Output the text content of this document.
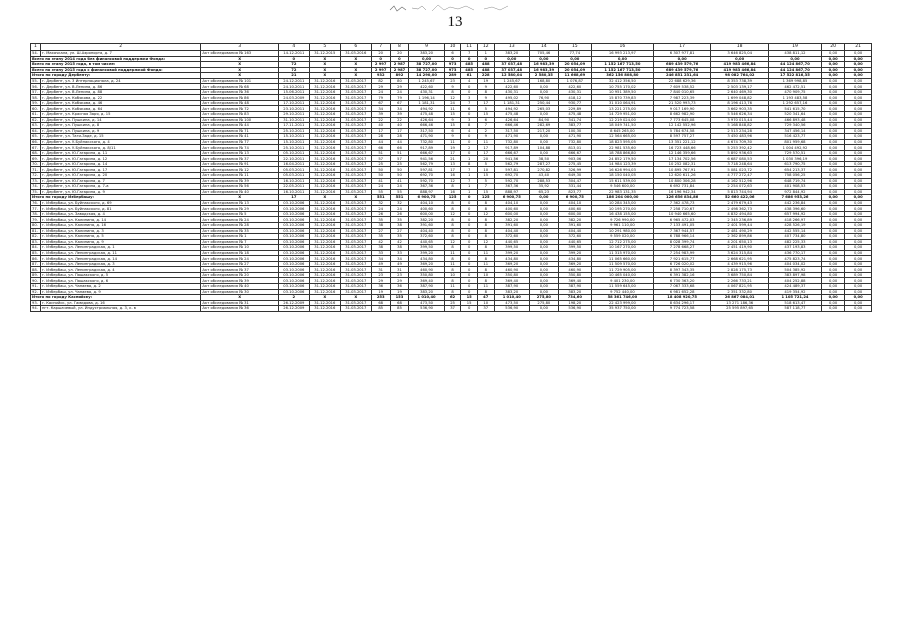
13
1	2	3	4	5	6	7	8	9	10	11	12	13	14	15	16	17	18	19	20	21
54.	г. Махачкала, ул. Ш.Аэропорта, д. 7	Акт обследования № 163	14.12.2011	31.12.2015	31.03.2016	20	20	383,20	6	7	1	383,20	705,46	77,74	16 993 213,97	6 307 977,81	3 646 825,04	438 811,12	0,00	0,00
Всего по этапу 2014 года без финансовой поддержки Фонда:		X	0	X	X	0	0	0,00	0	0	0	0,00	0,00	0,00	0,00	0,00	0,00	0,00	0,00	0,00
Всего по этапу 2015 года, в том числе:		X	72	X	X	2 997	2 987	38 727,00	973	485	488	37 037,48	16 983,39	20 054,09	1 152 167 713,50	689 439 579,76	419 983 466,84	44 124 867,70	0,00	0,00
Всего по этапу 2015 года с финансовой поддержкой Фонда:		X	72	X	X	2 997	2 987	38 727,00	973	485	488	37 037,48	16 983,39	20 054,09	1 152 167 713,50	689 439 579,76	419 983 466,84	44 124 867,70	0,00	0,00
Итого по городу Дербенту:		X	21	X	X	932	892	14 290,00	289	61	228	12 580,04	2 580,35	11 668,69	362 156 808,80	246 851 231,64	98 082 764,02	17 522 816,35	0,00	0,00
55.	г. Дербент, ул. 3 Интернационала, д. 24	Акт обследования № 101	24.12.2011	31.12.2016	31.03.2017	82	80	1 245,67	23	4	19	1 245,67	168,80	1 076,87	32 412 356,50	22 688 629,36	8 353 738,39	1 369 998,85	0,00	0,00
56.	г. Дербент, ул. В.Ленина, д. 86	Акт обследования № 68	24.10.2011	31.12.2016	31.03.2017	29	29	422,60	9	0	9	422,60	0,00	422,60	10 755 170,02	7 609 538,52	2 503 139,17	462 472,51	0,00	0,00
57.	г. Дербент, ул. В.Ленина, д. 88	Акт обследования № 36	15.06.2011	31.12.2016	31.03.2017	24	24	430,31	8	0	8	430,31	0,00	430,31	10 951 389,50	7 840 010,65	2 640 469,30	470 909,75	0,00	0,00
58.	г. Дербент, ул. Кобякова, д. 22	Акт обследования № 86	24.03.2009	31.12.2016	31.03.2017	79	79	1 196,14	12	3	9	495,02	76,90	418,12	15 870 739,83	7 987 223,39	1 699 048,82	1 193 483,58	0,00	0,00
59.	г. Дербент, ул. Кобякова, д. 46	Акт обследования № 48	17.10.2011	31.12.2016	31.03.2017	67	67	1 181,31	24	7	17	1 181,31	250,44	930,77	31 010 064,91	21 520 993,73	8 196 413,76	1 292 657,16	0,00	0,00
60.	г. Дербент, ул. Кобякова, д. 64	Акт обследования № 72	23.10.2011	31.12.2016	31.03.2017	34	34	494,92	11	6	5	494,92	265,03	229,89	13 221 275,00	9 017 169,90	3 662 903,35	541 615,70	0,00	0,00
61.	г. Дербент, ул. Красная Заря, д. 15	Акт обследования № 83	29.10.2011	31.12.2016	31.03.2017	39	39	475,48	15	0	15	475,48	0,00	475,48	14 729 951,00	8 662 982,90	5 546 626,34	520 341,64	0,00	0,00
62.	г. Дербент, ул. Пушкина, д. 14	Акт обследования № 100	31.10.2011	31.12.2016	31.03.2017	22	22	426,64	9	3	6	426,64	84,90	341,74	12 219 024,00	7 773 645,08	3 970 015,44	466 893,48	0,00	0,00
63.	г. Дербент, ул. Пушкина, д. 8	Акт обследования № 44	17.11.2011	31.12.2016	31.03.2017	40	40	666,46	15	8	7	666,46	282,69	383,77	18 049 741,50	12 142 552,96	5 168 848,82	729 340,56	0,00	0,00
64.	г. Дербент, ул. Пушкина, д. 9	Акт обследования № 71	25.10.2011	31.12.2016	31.03.2017	17	17	317,50	6	4	2	317,50	217,20	100,30	8 645 265,00	5 784 674,58	2 513 234,28	347 456,14	0,00	0,00
65.	г. Дербент, ул. Таги-Заде, д. 15	Акт обследования № 41	15.10.2011	31.12.2016	31.03.2017	28	28	471,90	9	0	9	471,90	0,00	471,90	12 564 665,00	8 597 757,27	3 450 483,96	516 423,77	0,00	0,00
66.	г. Дербент, ул. У.Буйнакского, д. 4	Акт обследования № 77	15.10.2011	31.12.2016	31.03.2017	44	44	732,80	11	0	11	732,80	0,00	732,80	18 823 595,05	13 351 221,12	4 674 709,30	801 959,68	0,00	0,00
67.	г. Дербент, ул. У.Буйнакского, д. 8/11	Акт обследования № 74	25.10.2011	31.12.2016	31.03.2017	66	66	917,89	19	2	17	917,89	104,88	813,01	22 981 535,60	16 723 448,66	5 253 392,42	1 004 492,92	0,00	0,00
68.	г. Дербент, ул. Ю.Гагарина, д. 11	Акт обследования № 13	05.10.2011	31.12.2016	31.03.2017	51	51	666,67	17	0	17	666,67	0,00	666,67	18 788 866,80	12 146 359,66	5 892 936,63	729 570,51	0,00	0,00
69.	г. Дербент, ул. Ю.Гагарина, д. 12	Акт обследования № 37	22.10.2011	31.12.2016	31.03.2017	57	57	941,56	21	1	20	941,56	38,50	903,06	24 852 179,50	17 134 702,56	6 687 080,53	1 030 396,19	0,00	0,00
70.	г. Дербент, ул. Ю.Гагарина, д. 14	Акт обследования № 91	16.04.2011	31.12.2016	31.03.2017	25	25	562,79	13	8	5	562,79	287,27	275,45	14 984 123,39	10 252 082,31	3 718 248,64	613 790,75	0,00	0,00
71.	г. Дербент, ул. Ю.Гагарина, д. 17	Акт обследования № 12	05.03.2011	31.12.2016	31.03.2017	50	50	597,81	17	7	10	597,81	270,82	326,99	16 626 994,03	10 895 767,91	5 081 023,72	654 213,37	0,00	0,00
72.	г. Дербент, ул. Ю.Гагарина, д. 20	Акт обследования № 11	05.03.2011	31.12.2016	31.03.2017	50	50	692,70	16	1	15	692,70	43,40	649,30	18 150 040,05	12 620 611,26	4 777 272,47	758 056,25	0,00	0,00
73.	г. Дербент, ул. Ю.Гагарина, д. 7	Акт обследования № 39	16.10.2011	31.12.2016	31.03.2017	41	41	592,70	12	7	5	592,70	288,53	304,47	15 611 539,00	10 800 306,28	4 162 512,96	648 719,74	0,00	0,00
74.	г. Дербент, ул. Ю.Гагарина, д. 7-а	Акт обследования № 56	22.05.2011	31.12.2016	31.03.2017	24	24	367,36	8	1	7	367,36	35,92	331,44	9 546 600,00	6 692 731,84	2 254 072,63	401 908,53	0,00	0,00
75.	г. Дербент, ул. Ю.Гагарина, д. 9	Акт обследования № 40	16.10.2011	31.12.2016	31.03.2017	55	55	888,97	16	1	15	888,97	65,23	823,77	22 983 131,35	16 196 942,34	5 813 744,94	972 844,92	0,00	0,00
Итого по городу Избербашу:		X	17	X	X	551	551	6 900,75	125	0	125	6 900,75	0,00	6 900,75	186 204 000,00	126 656 834,86	52 660 422,06	7 686 953,26	0,00	0,00
76.	г. Избербаш, ул. Буйнакского, д. 69	Акт обследования № 13	03.10.2006	31.12.2016	31.03.2017	32	32	404,10	8	0	8	404,10	0,00	404,10	10 284 345,00	7 362 478,73	2 479 679,43	442 236,84	0,00	0,00
77.	г. Избербаш, ул. Буйнакского, д. 81	Акт обследования № 29	03.10.2006	31.12.2016	31.03.2017	24	24	400,60	8	0	8	400,60	0,00	400,60	10 195 270,00	7 258 710,67	2 498 362,73	438 396,60	0,00	0,00
78.	г. Избербаш, ул. Заводская, д. 4	Акт обследования № 5	03.10.2006	31.12.2016	31.03.2017	26	26	600,00	12	0	12	600,00	0,00	600,00	16 438 155,00	10 940 665,60	4 832 494,80	657 994,92	0,00	0,00
79.	г. Избербаш, ул. Калинина, д. 14	Акт обследования № 24	03.10.2006	31.12.2016	31.03.2017	35	35	382,20	8	0	8	382,20	0,00	382,20	9 726 990,00	6 965 472,03	2 345 236,89	418 266,97	0,00	0,00
80.	г. Избербаш, ул. Калинина, д. 16	Акт обследования № 28	03.10.2006	31.12.2016	31.03.2017	38	38	391,60	8	0	8	391,60	0,00	391,60	9 961 110,00	7 133 491,05	2 401 599,44	428 526,19	0,00	0,00
81.	г. Избербаш, ул. Калинина, д. 3	Акт обследования № 35	03.10.2006	31.12.2016	31.03.2017	27	27	404,40	8	0	8	404,40	0,00	404,40	10 291 980,00	7 367 944,57	2 481 490,29	442 555,14	0,00	0,00
82.	г. Избербаш, ул. Калинина, д. 5	Акт обследования № 1	03.10.2006	31.12.2016	31.03.2017	35	35	372,60	8	0	8	372,60	0,00	372,60	9 559 020,00	6 788 966,14	2 362 899,86	407 734,80	0,00	0,00
83.	г. Избербаш, ул. Калинина, д. 9	Акт обследования № 7	03.10.2006	31.12.2016	31.03.2017	42	42	440,65	12	0	12	440,65	0,00	440,65	12 712 275,00	8 028 399,74	4 201 650,13	482 225,33	0,00	0,00
84.	г. Избербаш, ул. Ленинградская, д. 1	Акт обследования № 10	03.10.2006	31.12.2016	31.03.2017	38	38	399,50	8	0	8	399,50	0,00	399,50	10 167 270,00	7 278 668,27	2 451 419,90	437 193,83	0,00	0,00
85.	г. Избербаш, ул. Ленинградская, д. 11	Акт обследования № 18	03.10.2006	31.12.2016	31.03.2017	33	33	399,20	11	0	11	399,20	0,00	399,20	11 315 970,00	7 254 983,99	3 624 315,84	436 770,17	0,00	0,00
86.	г. Избербаш, ул. Ленинградская, д. 14	Акт обследования № 24	03.10.2006	31.12.2016	31.03.2017	34	34	434,80	8	0	8	434,80	0,00	434,80	11 065 660,00	7 921 615,77	2 668 621,95	475 823,74	0,00	0,00
87.	г. Избербаш, ул. Ленинградская, д. 3	Акт обследования № 27	03.10.2006	31.12.2016	31.03.2017	49	49	369,20	11	0	11	369,20	0,00	369,20	11 509 570,00	6 726 020,02	4 439 915,96	404 034,02	0,00	0,00
88.	г. Избербаш, ул. Ленинградская, д. 4	Акт обследования № 37	03.10.2006	31.12.2016	31.03.2017	31	31	460,90	8	0	8	460,90	0,00	460,90	11 729 905,00	8 397 343,35	2 828 175,73	504 385,92	0,00	0,00
89.	г. Избербаш, ул. Пашакского, д. 5	Акт обследования № 20	03.10.2006	31.12.2016	31.03.2017	23	23	350,80	10	0	10	350,80	0,00	350,80	10 465 040,00	6 391 382,16	3 689 750,84	383 897,98	0,00	0,00
90.	г. Избербаш, ул. Пашакского, д. 6	Акт обследования № 39	03.10.2006	31.12.2016	31.03.2017	29	29	369,40	8	0	8	369,40	0,00	369,40	9 401 230,00	6 730 363,20	2 266 733,21	404 252,88	0,00	0,00
91.	г. Избербаш, ул. Чапаева, д. 2	Акт обследования № 40	03.10.2006	31.12.2016	31.03.2017	36	36	387,90	11	0	11	387,90	0,00	387,90	11 559 645,00	7 067 333,68	4 067 821,95	424 489,37	0,00	0,00
92.	г. Избербаш, ул. Чапаева, д. 9	Акт обследования № 30	03.10.2006	31.12.2016	31.03.2017	19	19	383,20	8	0	8	383,20	0,00	383,20	9 752 440,00	6 981 652,28	2 351 332,80	419 354,92	0,00	0,00
Итого по городу Каспийску:		X	2	X	X	253	153	1 010,40	62	15	47	1 010,40	275,80	734,60	58 361 746,00	18 408 920,75	26 867 084,01	1 105 721,24	0,00	0,00
93.	г. Каспийск, ул. Гамидова, д. 16	Акт обследования № 31	26.12.2009	31.12.2016	31.03.2017	68	68	473,50	25	15	10	473,50	275,80	198,20	22 423 999,00	8 634 296,17	13 271 186,36	518 613,47	0,00	0,00
94.	пгт. Каршачевый, ул. Индустриальная, д. 3, к. в	Акт обследования № 36	26.12.2009	31.12.2016	31.03.2017	85	85	536,90	37	0	37	536,90	0,00	536,90	35 937 750,00	9 774 723,58	25 595 897,65	587 118,77	0,00	0,00
